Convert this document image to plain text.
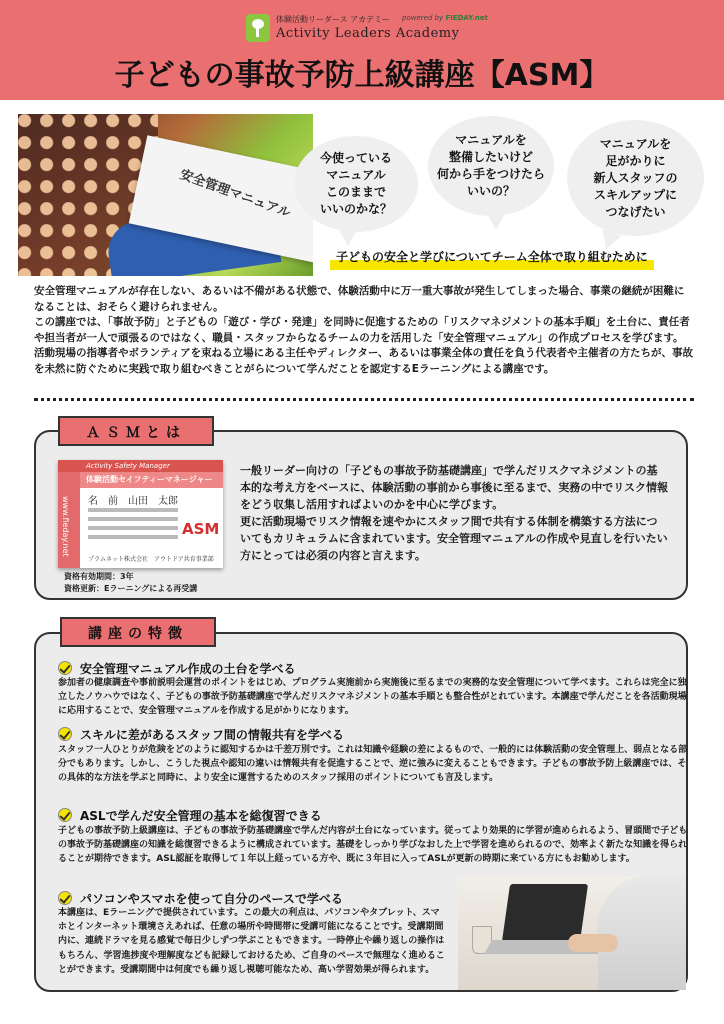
体験活動リーダース アカデミー powered by FIEDAY.net
Activity Leaders Academy
子どもの事故予防上級講座【ASM】
安全管理マニュアル
今使っている
マニュアル
このままで
いいのかな？
マニュアルを
整備したいけど
何から手をつけたら
いいの？
マニュアルを
足がかりに
新人スタッフの
スキルアップに
つなげたい
子どもの安全と学びについてチーム全体で取り組むために

安全管理マニュアルが存在しない、あるいは不備がある状態で、体験活動中に万一重大事故が発生してしまった場合、事業の継続が困難になることは、おそらく避けられません。

この講座では、「事故予防」と子どもの「遊び・学び・発達」を同時に促進するための「リスクマネジメントの基本手順」を土台に、責任者や担当者が一人で頑張るのではなく、職員・スタッフからなるチームの力を活用した「安全管理マニュアル」の作成プロセスを学びます。

活動現場の指導者やボランティアを束ねる立場にある主任やディレクター、あるいは事業全体の責任を負う代表者や主催者の方たちが、事故を未然に防ぐために実践で取り組むべきことがらについて学んだことを認定するEラーニングによる講座です。

ＡＳＭとは
Activity Safety Manager
体験活動セイフティーマネージャー
www.fieday.net 名　前　山田　太郎
ASM
プラムネット株式会社　アウトドア共育事業部

一般リーダー向けの「子どもの事故予防基礎講座」で学んだリスクマネジメントの基本的な考え方をベースに、体験活動の事前から事後に至るまで、実務の中でリスク情報をどう収集し活用すればよいのかを中心に学びます。

更に活動現場でリスク情報を速やかにスタッフ間で共有する体制を構築する方法についてもカリキュラムに含まれています。安全管理マニュアルの作成や見直しを行いたい方にとっては必須の内容と言えます。

資格有効期間：3年
資格更新：Eラーニングによる再受講
講座の特徴
安全管理マニュアル作成の土台を学べる
参加者の健康調査や事前説明会運営のポイントをはじめ、プログラム実施前から実施後に至るまでの実務的な安全管理について学べます。これらは完全に独立したノウハウではなく、子どもの事故予防基礎講座で学んだリスクマネジメントの基本手順とも整合性がとれています。本講座で学んだことを各活動現場に応用することで、安全管理マニュアルを作成する足がかりになります。
スキルに差があるスタッフ間の情報共有を学べる
スタッフ一人ひとりが危険をどのように認知するかは千差万別です。これは知識や経験の差によるもので、一般的には体験活動の安全管理上、弱点となる部分でもあります。しかし、こうした視点や認知の違いは情報共有を促進することで、逆に強みに変えることもできます。子どもの事故予防上級講座では、その具体的な方法を学ぶと同時に、より安全に運営するためのスタッフ採用のポイントについても言及します。
ASLで学んだ安全管理の基本を総復習できる
子どもの事故予防上級講座は、子どもの事故予防基礎講座で学んだ内容が土台になっています。従ってより効果的に学習が進められるよう、冒頭間で子どもの事故予防基礎講座の知識を総復習できるように構成されています。基礎をしっかり学びなおした上で学習を進められるので、効率よく新たな知識を得られることが期待できます。ASL認証を取得して１年以上経っている方や、既に３年目に入ってASLが更新の時期に来ている方にもお勧めします。
パソコンやスマホを使って自分のペースで学べる
本講座は、Eラーニングで提供されています。この最大の利点は、パソコンやタブレット、スマホとインターネット環境さえあれば、任意の場所や時間帯に受講可能になることです。受講期間内に、連続ドラマを見る感覚で毎日少しずつ学ぶこともできます。一時停止や繰り返しの操作はもちろん、学習進捗度や理解度なども記録しておけるため、ご自身のペースで無理なく進めることができます。受講期間中は何度でも繰り返し視聴可能なため、高い学習効果が得られます。
